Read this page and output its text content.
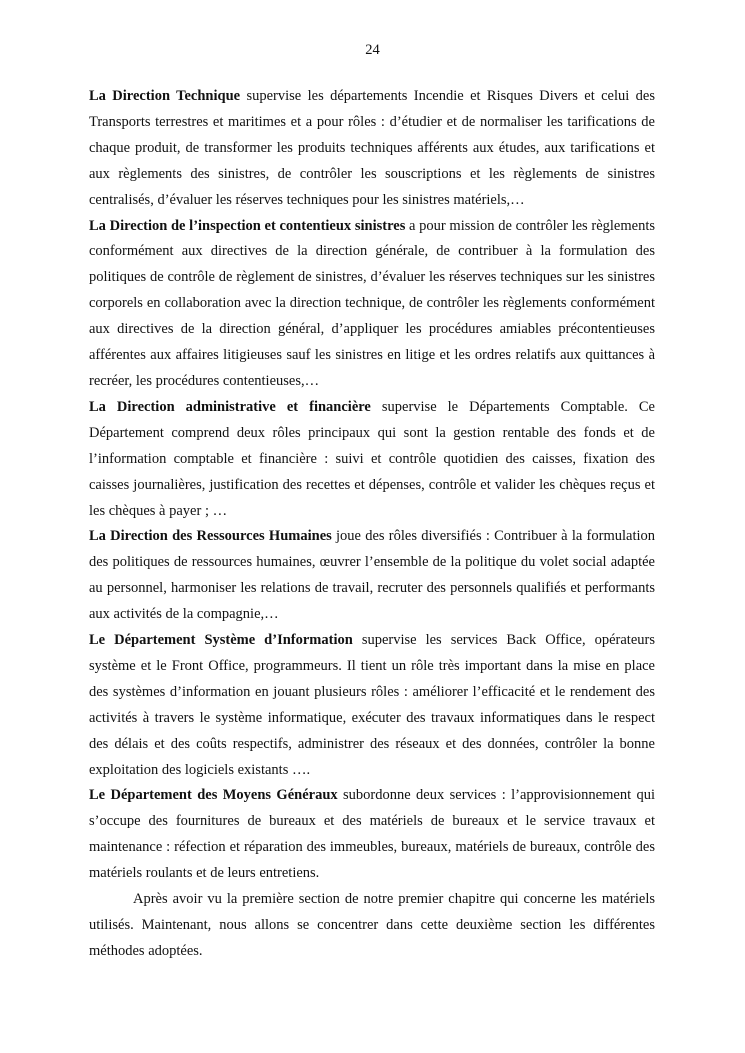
24

La Direction Technique supervise les départements Incendie et Risques Divers et celui des Transports terrestres et maritimes et a pour rôles : d’étudier et de normaliser les tarifications de chaque produit, de transformer les produits techniques afférents aux études, aux tarifications et aux règlements des sinistres, de contrôler les souscriptions et les règlements de sinistres centralisés, d’évaluer les réserves techniques pour les sinistres matériels,…

La Direction de l’inspection et contentieux sinistres a pour mission de contrôler les règlements conformément aux directives de la direction générale, de contribuer à la formulation des politiques de contrôle de règlement de sinistres, d’évaluer les réserves techniques sur les sinistres corporels en collaboration avec la direction technique, de contrôler les règlements conformément aux directives de la direction général, d’appliquer les procédures amiables précontentieuses afférentes aux affaires litigieuses sauf les sinistres en litige et les ordres relatifs aux quittances à recréer, les procédures contentieuses,…

La Direction administrative et financière supervise le Départements Comptable. Ce Département comprend deux rôles principaux qui sont la gestion rentable des fonds et de l’information comptable et financière : suivi et contrôle quotidien des caisses, fixation des caisses journalières, justification des recettes et dépenses, contrôle et valider les chèques reçus et les chèques à payer ; …

La Direction des Ressources Humaines joue des rôles diversifiés : Contribuer à la formulation des politiques de ressources humaines, œuvrer l’ensemble de la politique du volet social adaptée au personnel, harmoniser les relations de travail, recruter des personnels qualifiés et performants aux activités de la compagnie,…

Le Département Système d’Information supervise les services Back Office, opérateurs système et le Front Office, programmeurs. Il tient un rôle très important dans la mise en place des systèmes d’information en jouant plusieurs rôles : améliorer l’efficacité et le rendement des activités à travers le système informatique, exécuter des travaux informatiques dans le respect des délais et des coûts respectifs, administrer des réseaux et des données, contrôler la bonne exploitation des logiciels existants ….

Le Département des Moyens Généraux subordonne deux services : l’approvisionnement qui s’occupe des fournitures de bureaux et des matériels de bureaux et le service travaux et maintenance : réfection et réparation des immeubles, bureaux, matériels de bureaux, contrôle des matériels roulants et de leurs entretiens.

Après avoir vu la première section de notre premier chapitre qui concerne les matériels utilisés. Maintenant, nous allons se concentrer dans cette deuxième section les différentes méthodes adoptées.
